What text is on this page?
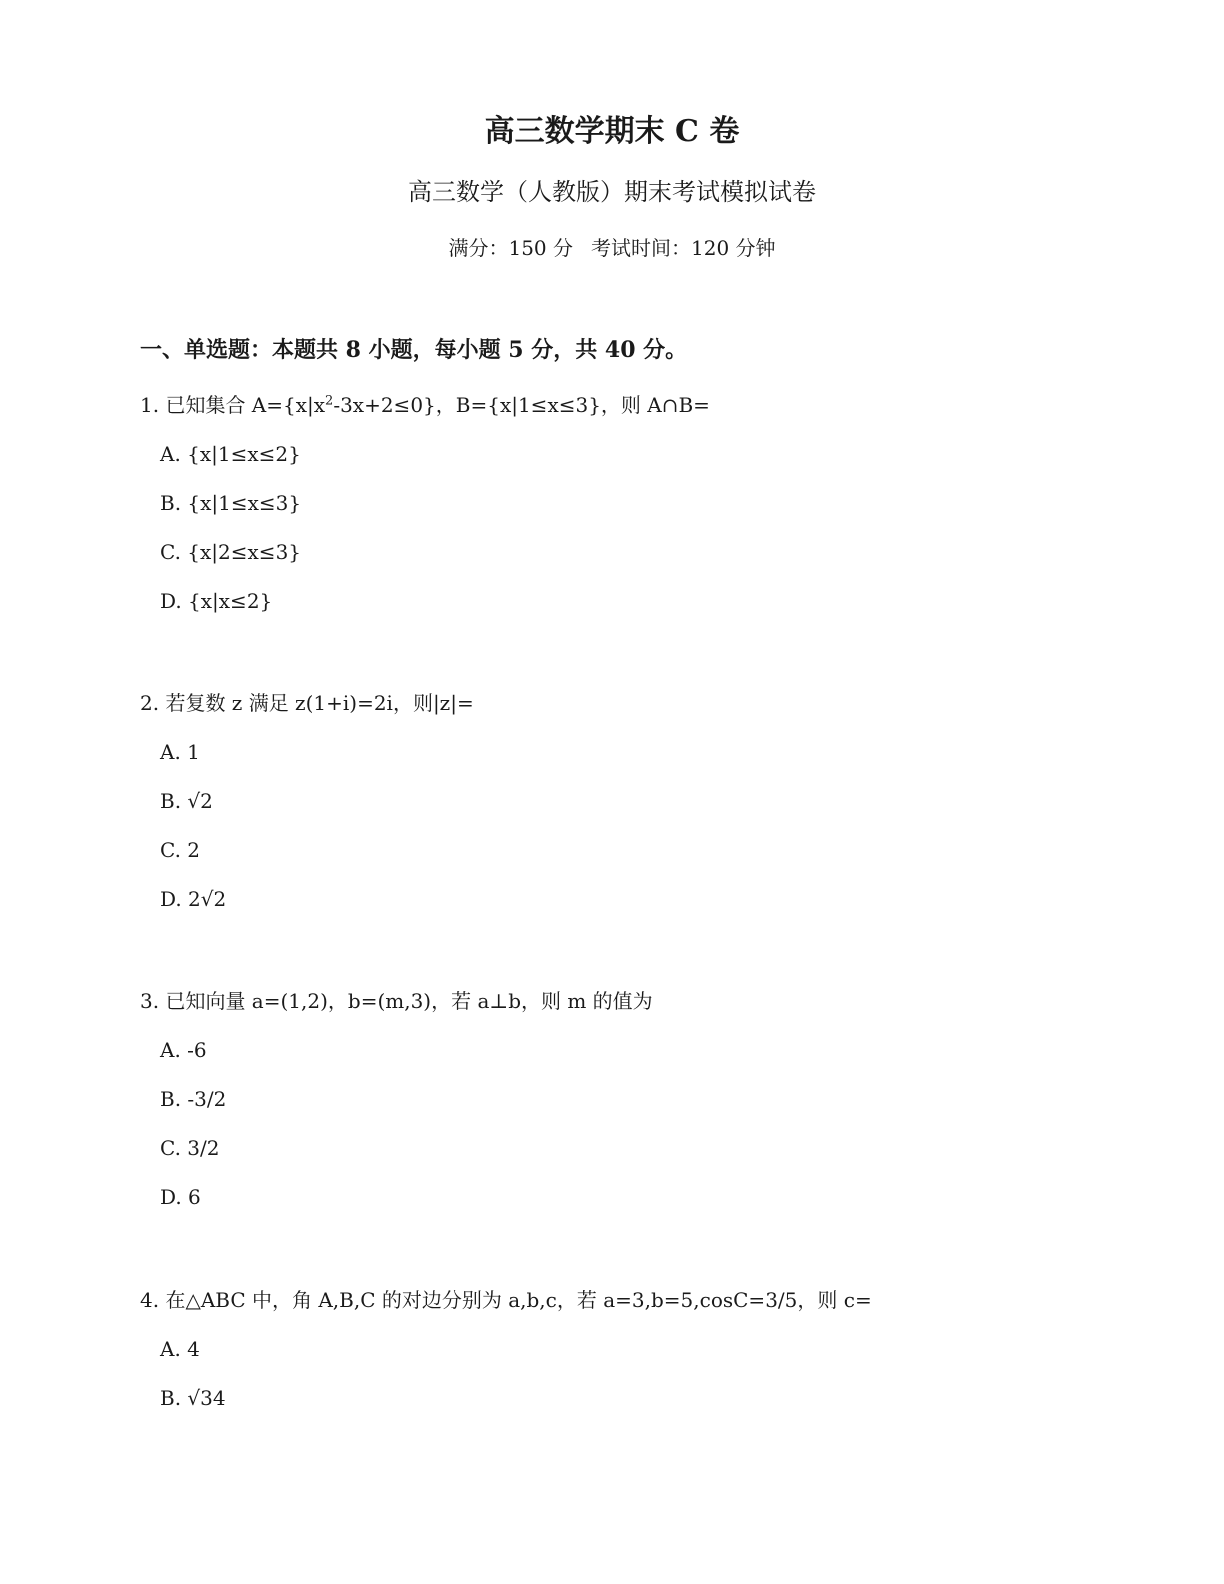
高三数学期末 C 卷
高三数学（人教版）期末考试模拟试卷
满分：150 分 考试时间：120 分钟
一、单选题：本题共 8 小题，每小题 5 分，共 40 分。
1. 已知集合 $A=\{x|x^2-3x+2\le 0\}$，B={x|1≤x≤3}，则 A∩B=
A. {x|1≤x≤2}
B. {x|1≤x≤3}
C. {x|2≤x≤3}
D. {x|x≤2}
2. 若复数 z 满足 z(1+i)=2i，则|z|=
A. 1
B. √2
C. 2
D. 2√2
3. 已知向量 a=(1,2)，b=(m,3)，若 a⊥b，则 m 的值为
A. -6
B. -3/2
C. 3/2
D. 6
4. 在△ABC 中，角 A,B,C 的对边分别为 a,b,c，若 a=3,b=5,cosC=3/5，则 c=
A. 4
B. √34
